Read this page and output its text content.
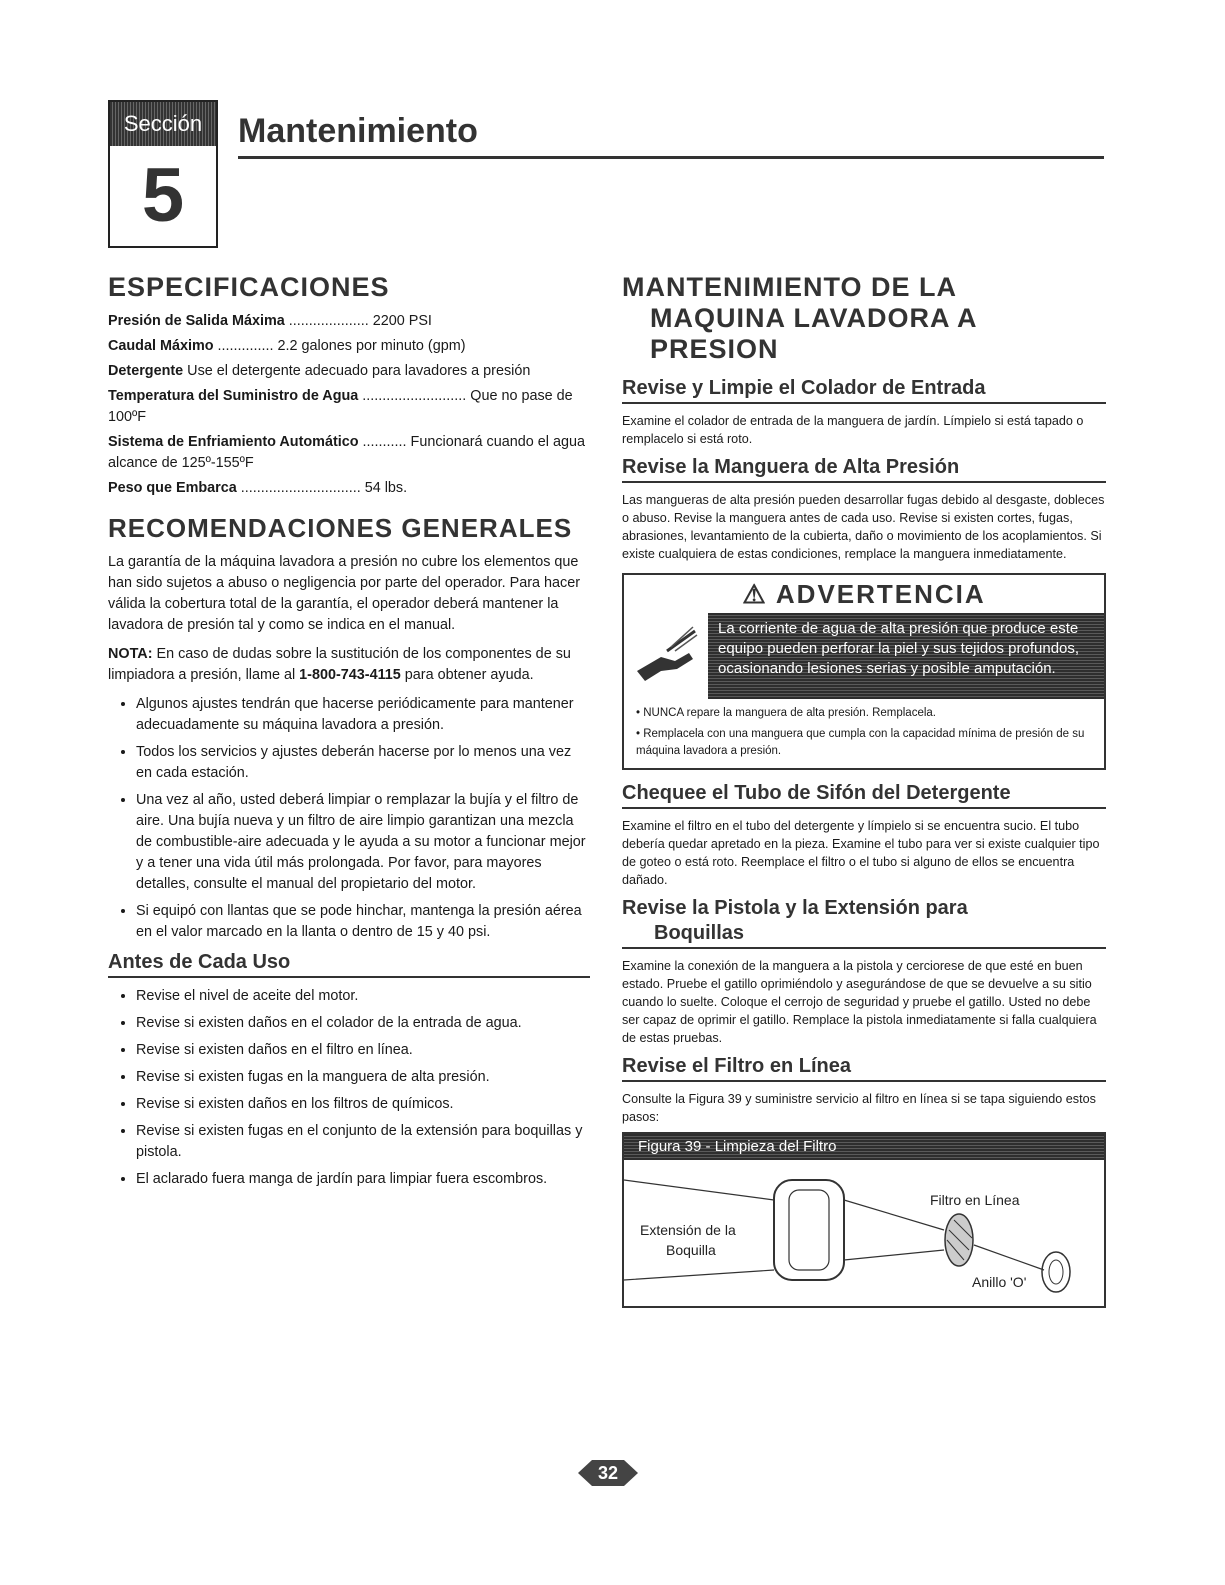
Sección
5
Mantenimiento
ESPECIFICACIONES
Presión de Salida Máxima .................... 2200 PSI
Caudal Máximo .............. 2.2 galones por minuto (gpm)
Detergente Use el detergente adecuado para lavadores a presión
Temperatura del Suministro de Agua .......................... Que no pase de 100ºF
Sistema de Enfriamiento Automático ........... Funcionará cuando el agua alcance de 125º-155ºF
Peso que Embarca .............................. 54 lbs.
RECOMENDACIONES GENERALES

La garantía de la máquina lavadora a presión no cubre los elementos que han sido sujetos a abuso o negligencia por parte del operador. Para hacer válida la cobertura total de la garantía, el operador deberá mantener la lavadora de presión tal y como se indica en el manual.

NOTA: En caso de dudas sobre la sustitución de los componentes de su limpiadora a presión, llame al 1-800-743-4115 para obtener ayuda.

• Algunos ajustes tendrán que hacerse periódicamente para mantener adecuadamente su máquina lavadora a presión.
• Todos los servicios y ajustes deberán hacerse por lo menos una vez en cada estación.
• Una vez al año, usted deberá limpiar o remplazar la bujía y el filtro de aire. Una bujía nueva y un filtro de aire limpio garantizan una mezcla de combustible-aire adecuada y le ayuda a su motor a funcionar mejor y a tener una vida útil más prolongada. Por favor, para mayores detalles, consulte el manual del propietario del motor.
• Si equipó con llantas que se pode hinchar, mantenga la presión aérea en el valor marcado en la llanta o dentro de 15 y 40 psi.
Antes de Cada Uso
• Revise el nivel de aceite del motor.
• Revise si existen daños en el colador de la entrada de agua.
• Revise si existen daños en el filtro en línea.
• Revise si existen fugas en la manguera de alta presión.
• Revise si existen daños en los filtros de químicos.
• Revise si existen fugas en el conjunto de la extensión para boquillas y pistola.
• El aclarado fuera manga de jardín para limpiar fuera escombros.
MANTENIMIENTO DE LA
MAQUINA LAVADORA A
PRESION
Revise y Limpie el Colador de Entrada

Examine el colador de entrada de la manguera de jardín. Límpielo si está tapado o remplacelo si está roto.

Revise la Manguera de Alta Presión

Las mangueras de alta presión pueden desarrollar fugas debido al desgaste, dobleces o abuso. Revise la manguera antes de cada uso. Revise si existen cortes, fugas, abrasiones, levantamiento de la cubierta, daño o movimiento de los acoplamientos. Si existe cualquiera de estas condiciones, remplace la manguera inmediatamente.

⚠ ADVERTENCIA
La corriente de agua de alta presión que produce este equipo pueden perforar la piel y sus tejidos profundos, ocasionando lesiones serias y posible amputación.
• NUNCA repare la manguera de alta presión. Remplacela.
• Remplacela con una manguera que cumpla con la capacidad mínima de presión de su máquina lavadora a presión.
Chequee el Tubo de Sifón del Detergente

Examine el filtro en el tubo del detergente y límpielo si se encuentra sucio. El tubo debería quedar apretado en la pieza. Examine el tubo para ver si existe cualquier tipo de goteo o está roto. Reemplace el filtro o el tubo si alguno de ellos se encuentra dañado.

Revise la Pistola y la Extensión para
Boquillas

Examine la conexión de la manguera a la pistola y cerciorese de que esté en buen estado. Pruebe el gatillo oprimiéndolo y asegurándose de que se devuelve a su sitio cuando lo suelte. Coloque el cerrojo de seguridad y pruebe el gatillo. Usted no debe ser capaz de oprimir el gatillo. Remplace la pistola inmediatamente si falla cualquiera de estas pruebas.

Revise el Filtro en Línea

Consulte la Figura 39 y suministre servicio al filtro en línea si se tapa siguiendo estos pasos:

Figura 39 - Limpieza del Filtro
Filtro en Línea
Extensión de la
Boquilla
Anillo 'O'
32
